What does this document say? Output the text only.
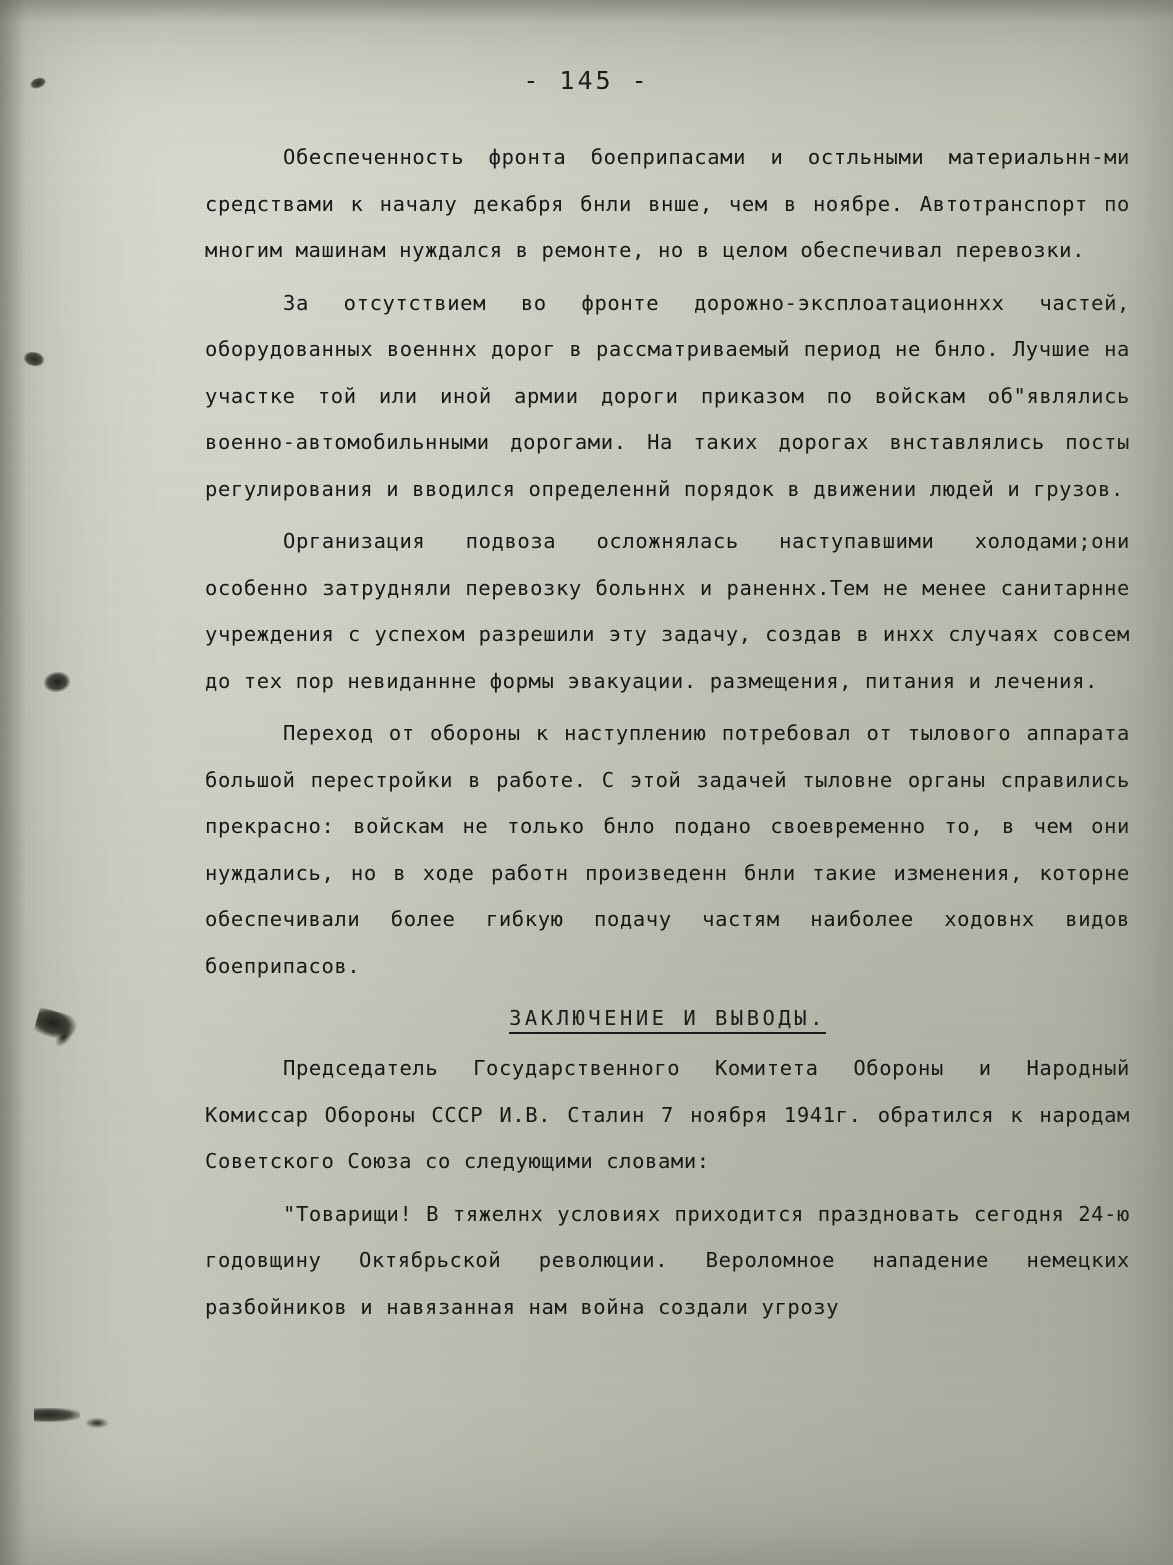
- 145 -

Обеспеченность фронта боеприпасами и остльными материальнн-ми средствами к началу декабря бнли внше, чем в ноябре. Автотранспорт по многим машинам нуждался в ремонте, но в целом обеспечивал перевозки.

За отсутствием во фронте дорожно-эксплоатационнхх частей, оборудованных военннх дорог в рассматриваемый период не бнло. Лучшие на участке той или иной армии дороги приказом по войскам об"являлись военно-автомобильнными дорогами. На таких дорогах внставлялись посты регулирования и вводился определеннй порядок в движении людей и грузов.

Организация подвоза осложнялась наступавшими холодами;они особенно затрудняли перевозку больннх и раненнх.Тем не менее санитарнне учреждения с успехом разрешили эту задачу, создав в инхх случаях совсем до тех пор невиданнне формы эвакуации. размещения, питания и лечения.

Переход от обороны к наступлению потребовал от тылового аппарата большой перестройки в работе. С этой задачей тыловне органы справились прекрасно: войскам не только бнло подано своевременно то, в чем они нуждались, но в ходе работн произведенн бнли такие изменения, которне обеспечивали более гибкую подачу частям наиболее ходовнх видов боеприпасов.

ЗАКЛЮЧЕНИЕ И ВЫВОДЫ.

Председатель Государственного Комитета Обороны и Народный Комиссар Обороны СССР И.В. Сталин 7 ноября 1941г. обратился к народам Советского Союза со следующими словами:

"Товарищи! В тяжелнх условиях приходится праздновать сегодня 24-ю годовщину Октябрьской революции. Вероломное нападение немецких разбойников и навязанная нам война создали угрозу
